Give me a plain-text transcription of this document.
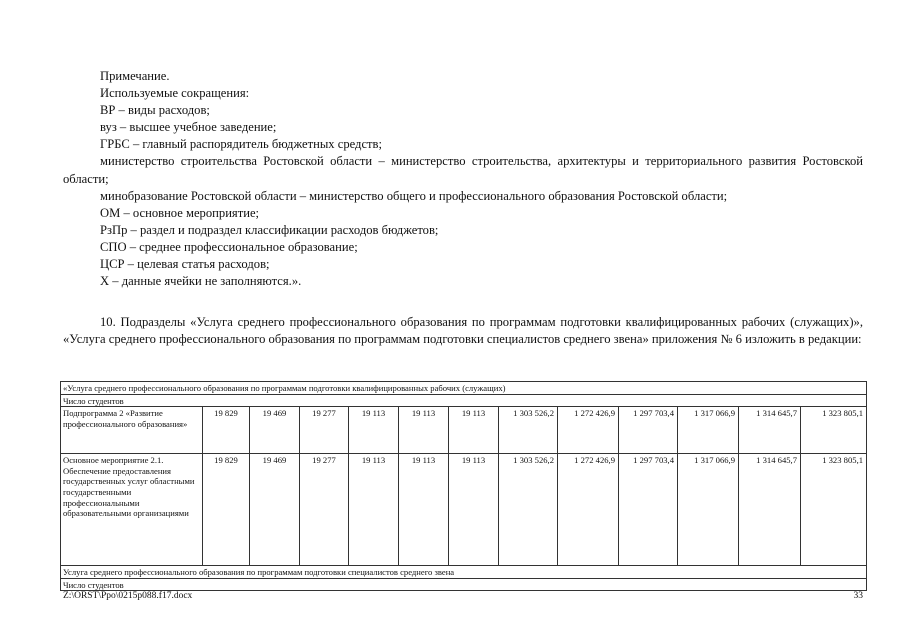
Примечание.

Используемые сокращения:

ВР – виды расходов;

вуз – высшее учебное заведение;

ГРБС – главный распорядитель бюджетных средств;

министерство строительства Ростовской области – министерство строительства, архитектуры и территориального развития Ростовской области;

минобразование Ростовской области – министерство общего и профессионального образования Ростовской области;

ОМ – основное мероприятие;

РзПр – раздел и подраздел классификации расходов бюджетов;

СПО – среднее профессиональное образование;

ЦСР – целевая статья расходов;

Х – данные ячейки не заполняются.».

10. Подразделы «Услуга среднего профессионального образования по программам подготовки квалифицированных рабочих (служащих)», «Услуга среднего профессионального образования по программам подготовки специалистов среднего звена» приложения № 6 изложить в редакции:

«Услуга среднего профессионального образования по программам подготовки квалифицированных рабочих (служащих)												
Число студентов												
Подпрограмма 2 «Развитие профессионального образования»	19 829	19 469	19 277	19 113	19 113	19 113	1 303 526,2	1 272 426,9	1 297 703,4	1 317 066,9	1 314 645,7	1 323 805,1
Основное мероприятие 2.1. Обеспечение предоставления государственных услуг областными государственными профессиональными образовательными организациями	19 829	19 469	19 277	19 113	19 113	19 113	1 303 526,2	1 272 426,9	1 297 703,4	1 317 066,9	1 314 645,7	1 323 805,1
Услуга среднего профессионального образования по программам подготовки специалистов среднего звена												
Число студентов												
Z:\ORST\Ppo\0215p088.f17.docx	33
